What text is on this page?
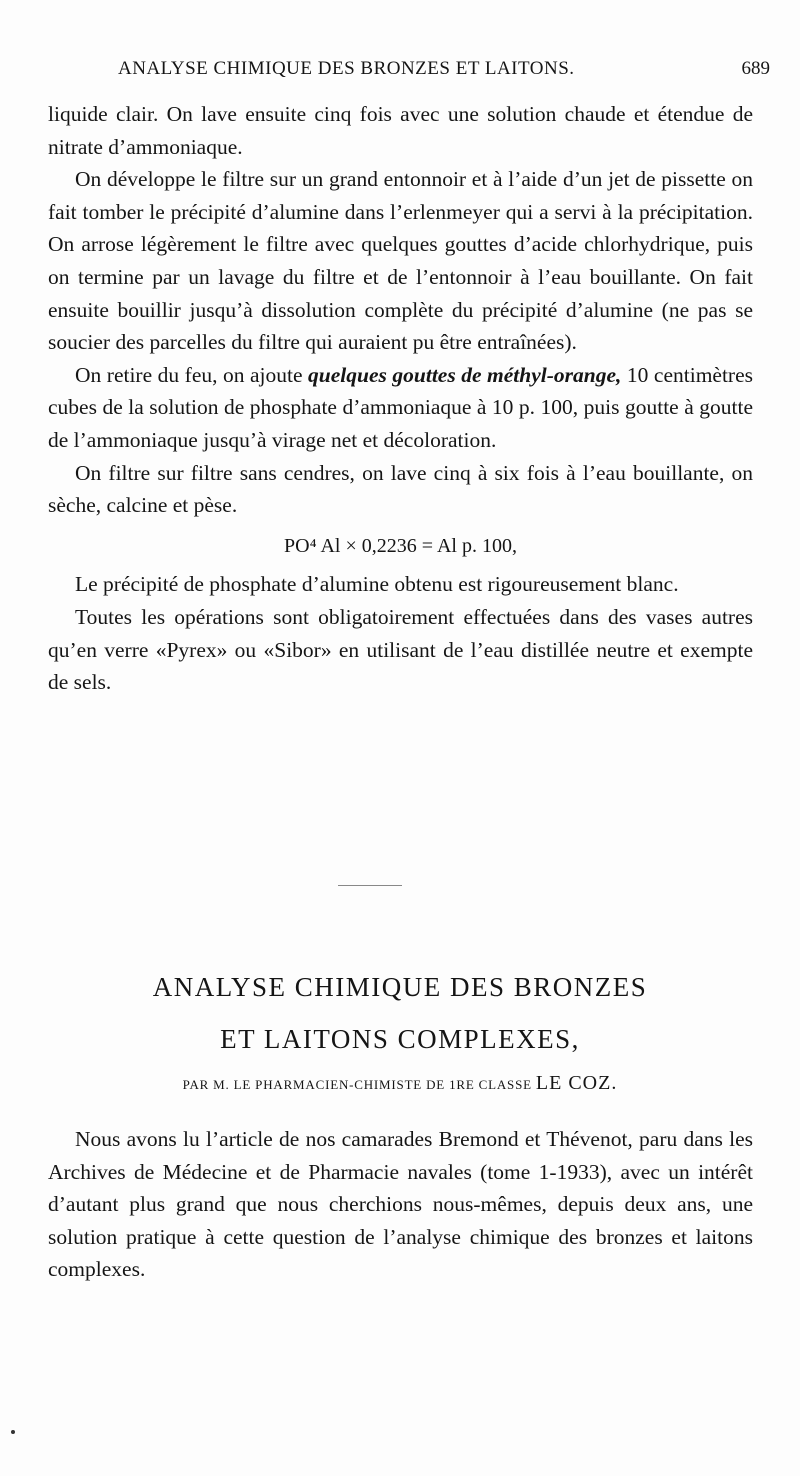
ANALYSE CHIMIQUE DES BRONZES ET LAITONS.	689

liquide clair. On lave ensuite cinq fois avec une solution chaude et étendue de nitrate d’ammoniaque.

On développe le filtre sur un grand entonnoir et à l’aide d’un jet de pissette on fait tomber le précipité d’alumine dans l’erlenmeyer qui a servi à la précipitation. On arrose légèrement le filtre avec quelques gouttes d’acide chlorhydrique, puis on termine par un lavage du filtre et de l’entonnoir à l’eau bouillante. On fait ensuite bouillir jusqu’à dissolution complète du précipité d’alumine (ne pas se soucier des parcelles du filtre qui auraient pu être entraînées).

On retire du feu, on ajoute quelques gouttes de méthyl-orange, 10 centimètres cubes de la solution de phosphate d’ammoniaque à 10 p. 100, puis goutte à goutte de l’ammoniaque jusqu’à virage net et décoloration.

On filtre sur filtre sans cendres, on lave cinq à six fois à l’eau bouillante, on sèche, calcine et pèse.

PO⁴ Al × 0,2236 = Al p. 100,

Le précipité de phosphate d’alumine obtenu est rigoureusement blanc.

Toutes les opérations sont obligatoirement effectuées dans des vases autres qu’en verre «Pyrex» ou «Sibor» en utilisant de l’eau distillée neutre et exempte de sels.

ANALYSE CHIMIQUE DES BRONZES
ET LAITONS COMPLEXES,
PAR M. LE PHARMACIEN-CHIMISTE DE 1RE CLASSE LE COZ.

Nous avons lu l’article de nos camarades Bremond et Thévenot, paru dans les Archives de Médecine et de Pharmacie navales (tome 1-1933), avec un intérêt d’autant plus grand que nous cherchions nous-mêmes, depuis deux ans, une solution pratique à cette question de l’analyse chimique des bronzes et laitons complexes.
